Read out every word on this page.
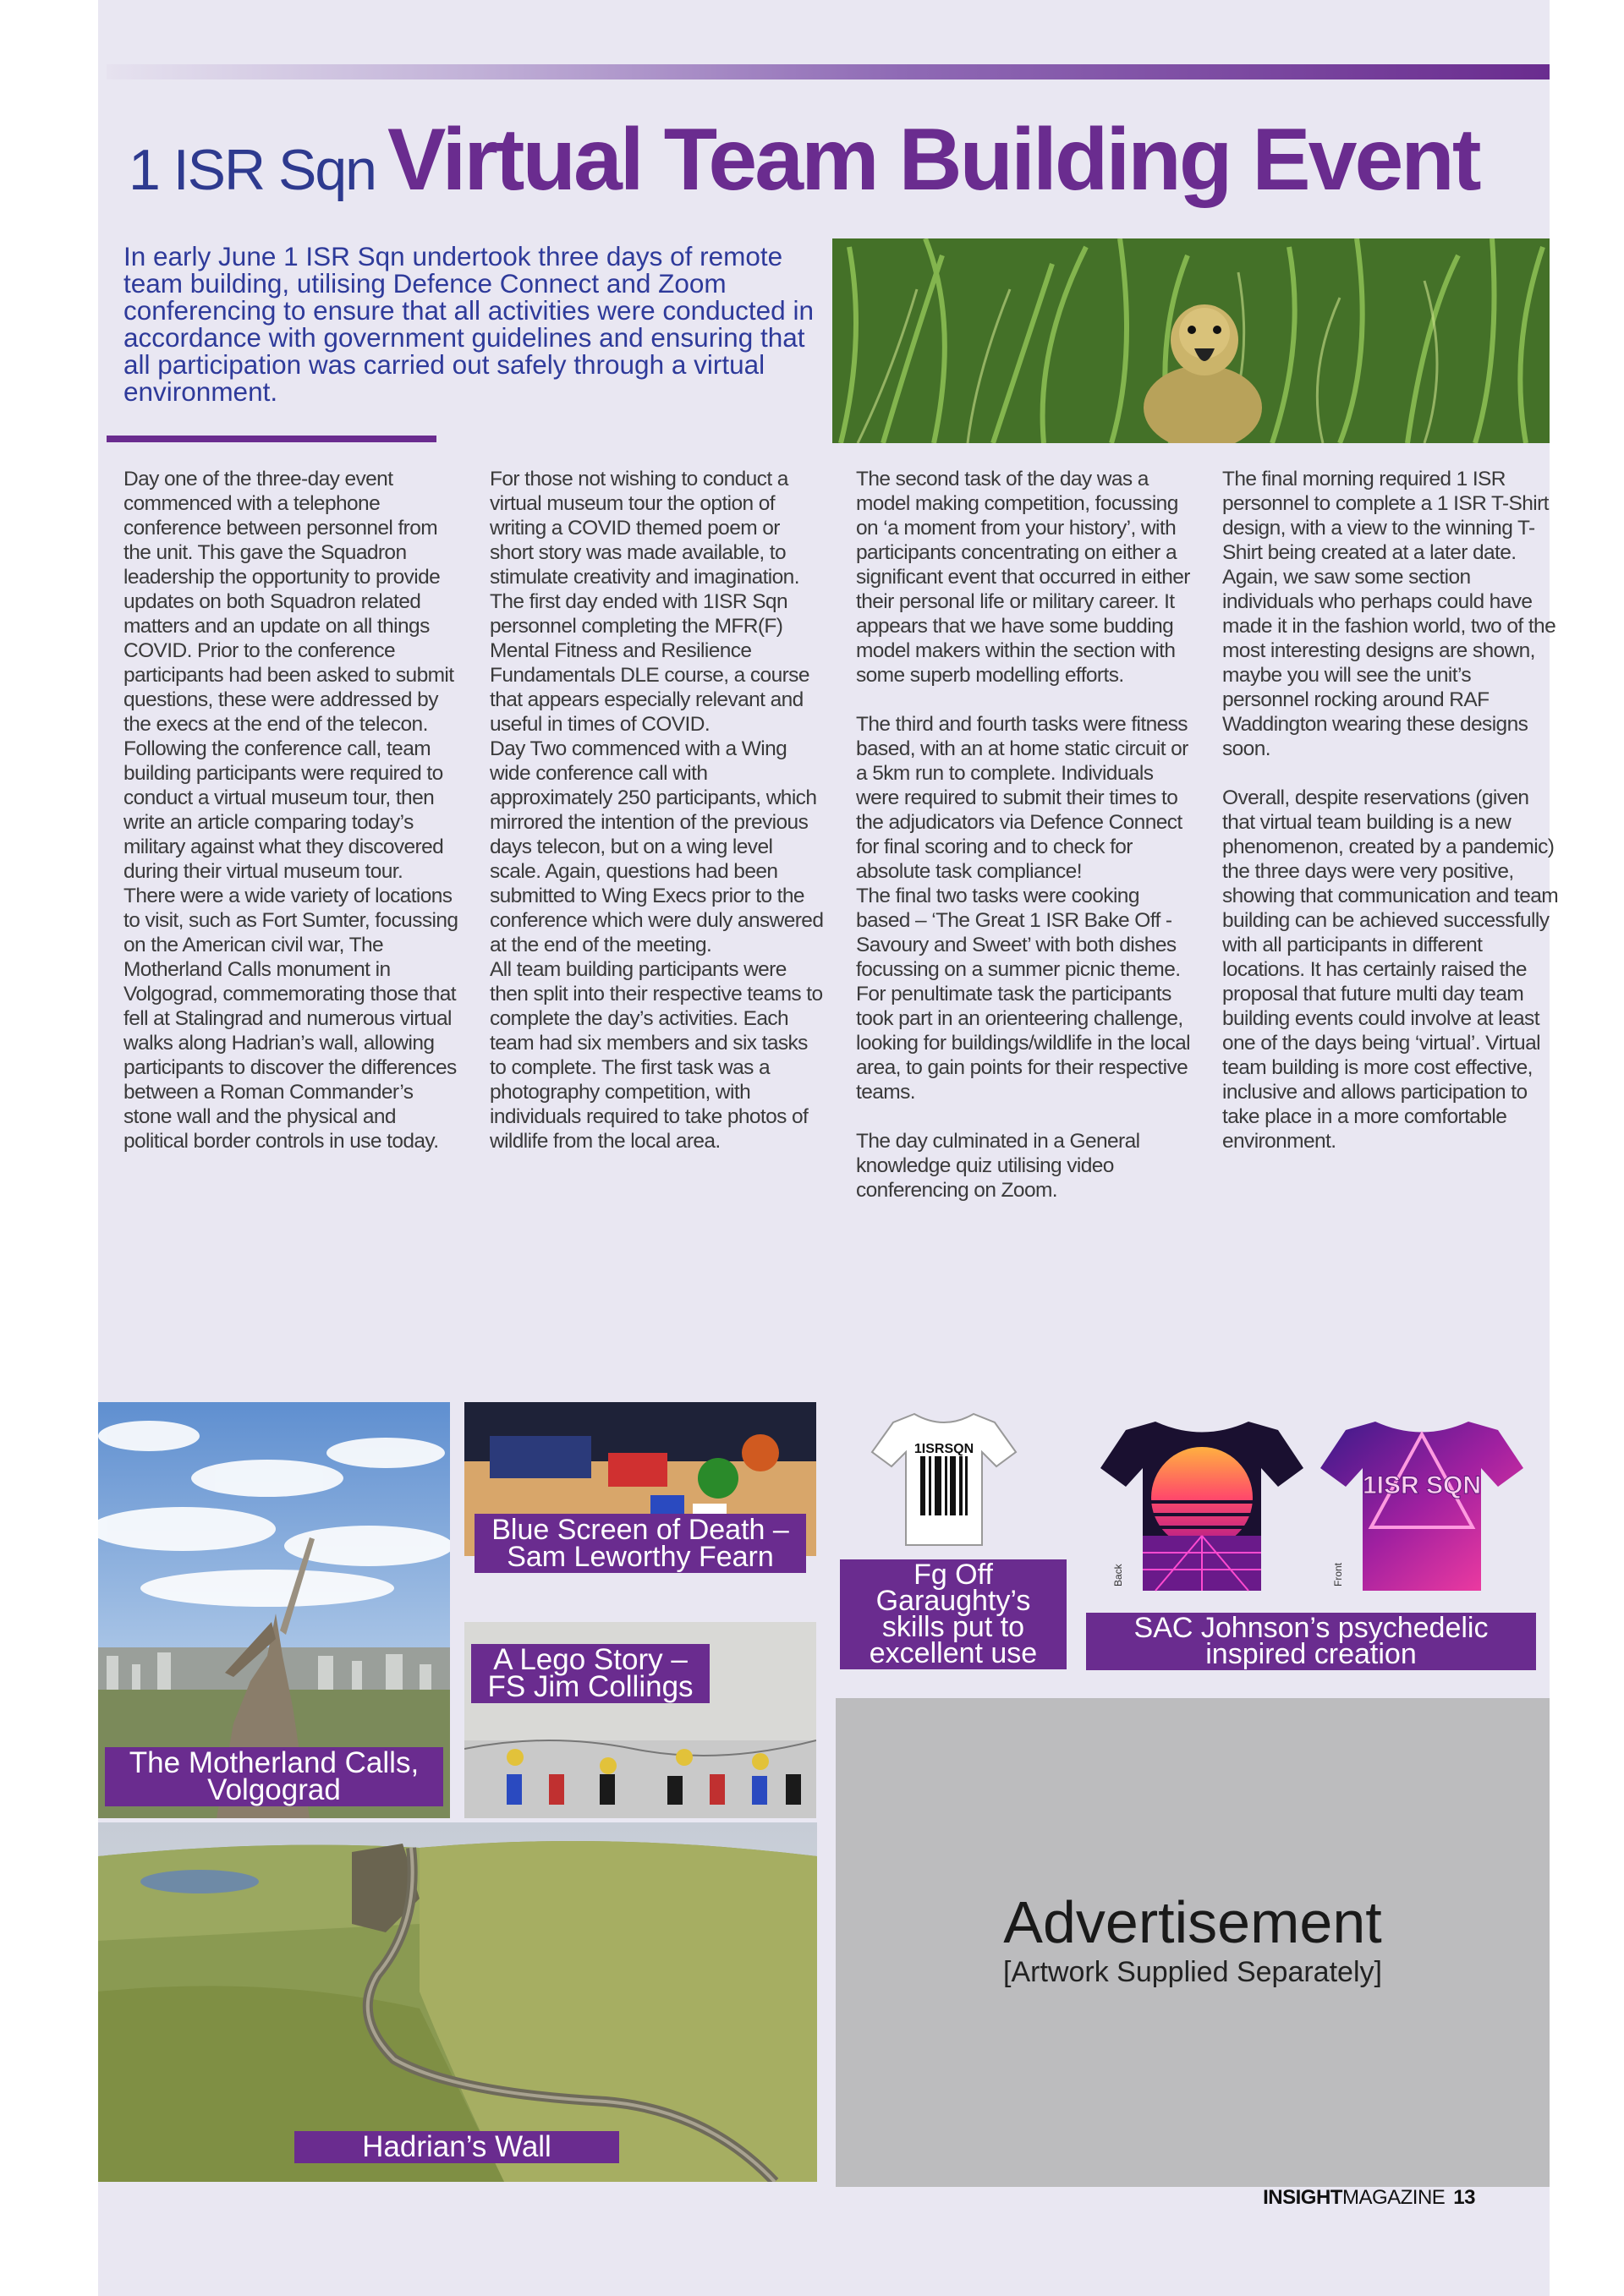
1 ISR Sqn Virtual Team Building Event
In early June 1 ISR Sqn undertook three days of remote team building, utilising Defence Connect and Zoom conferencing to ensure that all activities were conducted in accordance with government guidelines and ensuring that all participation was carried out safely through a virtual environment.

Day one of the three-day event commenced with a telephone conference between personnel from the unit. This gave the Squadron leadership the opportunity to provide updates on both Squadron related matters and an update on all things COVID. Prior to the conference participants had been asked to submit questions, these were addressed by the execs at the end of the telecon.

Following the conference call, team building participants were required to conduct a virtual museum tour, then write an article comparing today’s military against what they discovered during their virtual museum tour.

There were a wide variety of locations to visit, such as Fort Sumter, focussing on the American civil war, The Motherland Calls monument in Volgograd, commemorating those that fell at Stalingrad and numerous virtual walks along Hadrian’s wall, allowing participants to discover the differences between a Roman Commander’s stone wall and the physical and political border controls in use today.

For those not wishing to conduct a virtual museum tour the option of writing a COVID themed poem or short story was made available, to stimulate creativity and imagination. The first day ended with 1ISR Sqn personnel completing the MFR(F) Mental Fitness and Resilience Fundamentals DLE course, a course that appears especially relevant and useful in times of COVID.

Day Two commenced with a Wing wide conference call with approximately 250 participants, which mirrored the intention of the previous days telecon, but on a wing level scale. Again, questions had been submitted to Wing Execs prior to the conference which were duly answered at the end of the meeting.

All team building participants were then split into their respective teams to complete the day’s activities. Each team had six members and six tasks to complete. The first task was a photography competition, with individuals required to take photos of wildlife from the local area.

The second task of the day was a model making competition, focussing on ‘a moment from your history’, with participants concentrating on either a significant event that occurred in either their personal life or military career. It appears that we have some budding model makers within the section with some superb modelling efforts.

The third and fourth tasks were fitness based, with an at home static circuit or a 5km run to complete. Individuals were required to submit their times to the adjudicators via Defence Connect for final scoring and to check for absolute task compliance!

The final two tasks were cooking based – ‘The Great 1 ISR Bake Off - Savoury and Sweet’ with both dishes focussing on a summer picnic theme. For penultimate task the participants took part in an orienteering challenge, looking for buildings/wildlife in the local area, to gain points for their respective teams.

The day culminated in a General knowledge quiz utilising video conferencing on Zoom.

The final morning required 1 ISR personnel to complete a 1 ISR T-Shirt design, with a view to the winning T-Shirt being created at a later date. Again, we saw some section individuals who perhaps could have made it in the fashion world, two of the most interesting designs are shown, maybe you will see the unit’s personnel rocking around RAF Waddington wearing these designs soon.

Overall, despite reservations (given that virtual team building is a new phenomenon, created by a pandemic) the three days were very positive, showing that communication and team building can be achieved successfully with all participants in different locations. It has certainly raised the proposal that future multi day team building events could involve at least one of the days being ‘virtual’. Virtual team building is more cost effective, inclusive and allows participation to take place in a more comfortable environment.

The Motherland Calls, Volgograd
Blue Screen of Death – Sam Leworthy Fearn
A Lego Story – FS Jim Collings
Hadrian’s Wall
1ISRSQN
Fg Off Garaughty’s skills put to excellent use
Back
1ISR SQN
Front
SAC Johnson’s psychedelic inspired creation
Advertisement
[Artwork Supplied Separately]
INSIGHTMAGAZINE 13
